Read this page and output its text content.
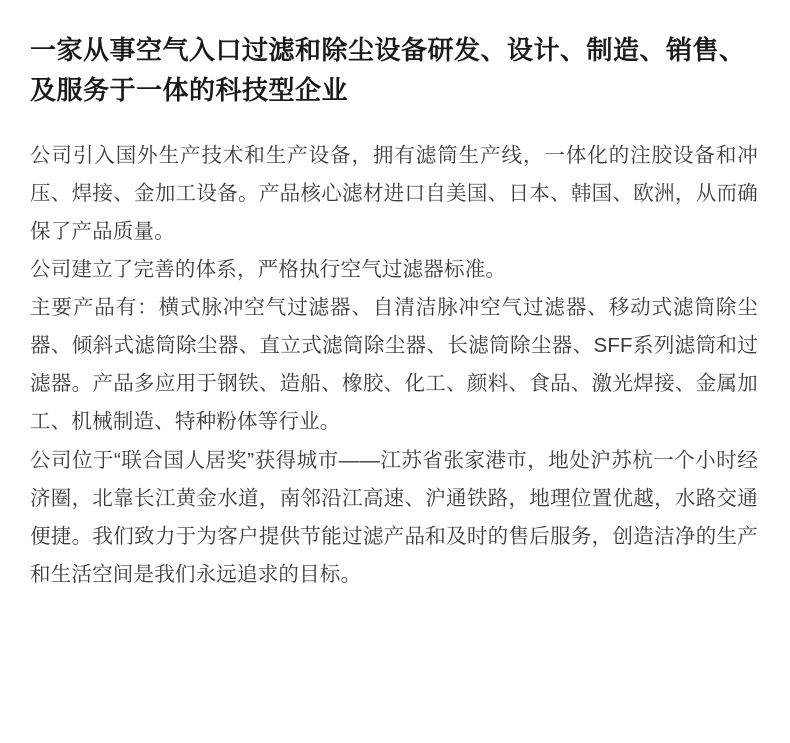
一家从事空气入口过滤和除尘设备研发、设计、制造、销售、及服务于一体的科技型企业

公司引入国外生产技术和生产设备，拥有滤筒生产线，一体化的注胶设备和冲压、焊接、金加工设备。产品核心滤材进口自美国、日本、韩国、欧洲，从而确保了产品质量。

公司建立了完善的体系，严格执行空气过滤器标准。

主要产品有：横式脉冲空气过滤器、自清洁脉冲空气过滤器、移动式滤筒除尘器、倾斜式滤筒除尘器、直立式滤筒除尘器、长滤筒除尘器、SFF系列滤筒和过滤器。产品多应用于钢铁、造船、橡胶、化工、颜料、食品、激光焊接、金属加工、机械制造、特种粉体等行业。

公司位于“联合国人居奖”获得城市——江苏省张家港市，地处沪苏杭一个小时经济圈，北靠长江黄金水道，南邻沿江高速、沪通铁路，地理位置优越，水路交通便捷。我们致力于为客户提供节能过滤产品和及时的售后服务，创造洁净的生产和生活空间是我们永远追求的目标。
